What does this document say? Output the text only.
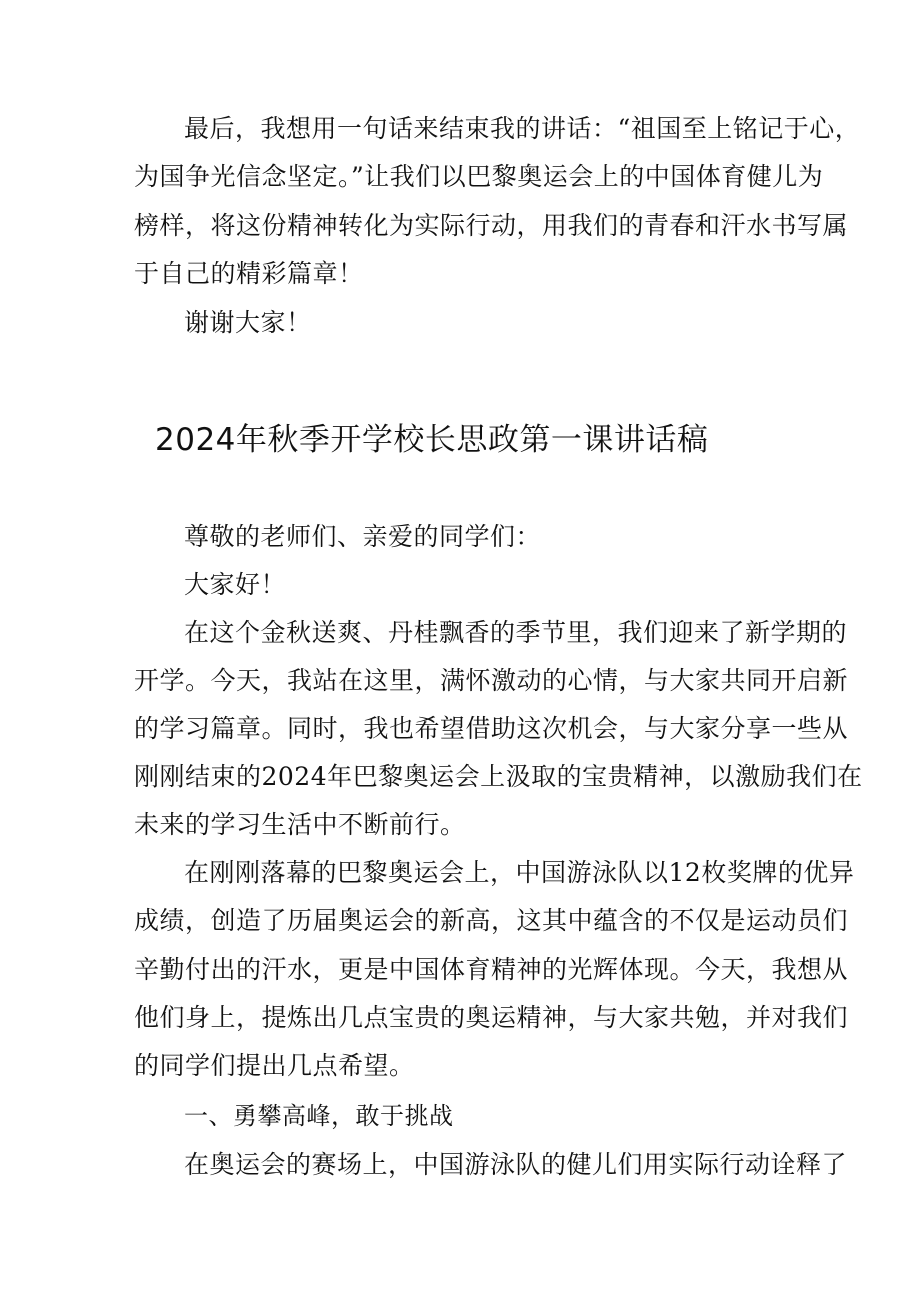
最后，我想用一句话来结束我的讲话：“祖国至上铭记于心，
为国争光信念坚定。”让我们以巴黎奥运会上的中国体育健儿为
榜样，将这份精神转化为实际行动，用我们的青春和汗水书写属
于自己的精彩篇章！
谢谢大家！
2024年秋季开学校长思政第一课讲话稿
尊敬的老师们、亲爱的同学们：
大家好！
在这个金秋送爽、丹桂飘香的季节里，我们迎来了新学期的
开学。今天，我站在这里，满怀激动的心情，与大家共同开启新
的学习篇章。同时，我也希望借助这次机会，与大家分享一些从
刚刚结束的2024年巴黎奥运会上汲取的宝贵精神，以激励我们在
未来的学习生活中不断前行。
在刚刚落幕的巴黎奥运会上，中国游泳队以12枚奖牌的优异
成绩，创造了历届奥运会的新高，这其中蕴含的不仅是运动员们
辛勤付出的汗水，更是中国体育精神的光辉体现。今天，我想从
他们身上，提炼出几点宝贵的奥运精神，与大家共勉，并对我们
的同学们提出几点希望。
一、勇攀高峰，敢于挑战
在奥运会的赛场上，中国游泳队的健儿们用实际行动诠释了
